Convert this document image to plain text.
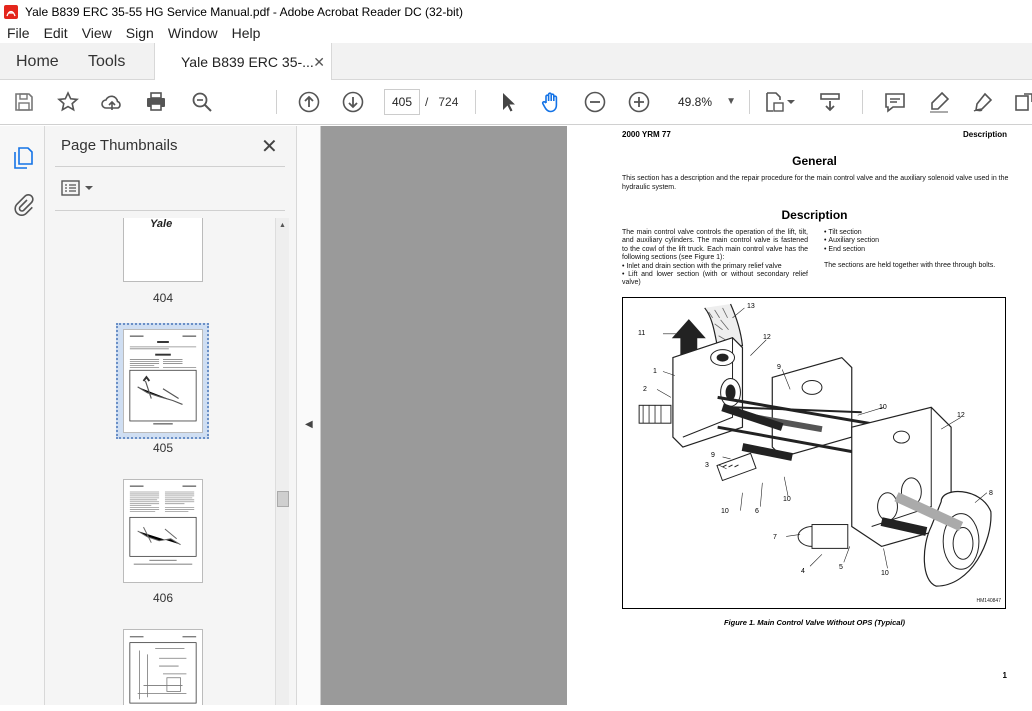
Yale B839 ERC 35-55 HG Service Manual.pdf - Adobe Acrobat Reader DC (32-bit)
File	Edit	View	Sign	Window	Help
Home Tools	Yale B839 ERC 35-... ✕
405	/ 724	49.8% ▼
Page Thumbnails	✕
Yale
404
405
406
▲
◀
2000 YRM 77	Description
General
This section has a description and the repair procedure for the main control valve and the auxiliary solenoid valve used in the hydraulic system.
Description
The main control valve controls the operation of the lift, tilt, and auxiliary cylinders. The main control valve is fastened to the cowl of the lift truck. Each main control valve has the following sections (see Figure 1):
• Inlet and drain section with the primary relief valve
• Lift and lower section (with or without secondary relief valve)
• Tilt section
• Auxiliary section
• End section
The sections are held together with three through bolts.
11
13
12
1
9
2
10
12
9
3
8
10
10	6
7
4
5
10
HM140847
Figure 1. Main Control Valve Without OPS (Typical)
1
